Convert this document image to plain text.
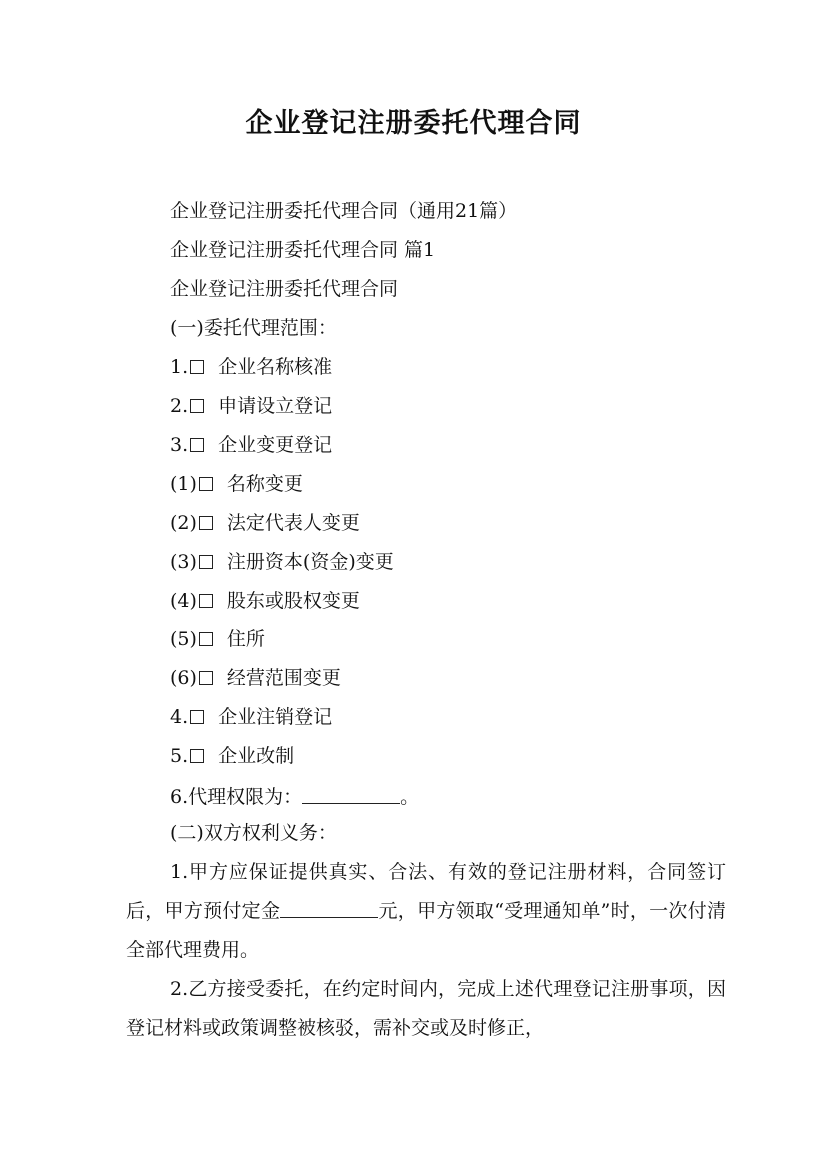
企业登记注册委托代理合同
企业登记注册委托代理合同（通用21篇）
企业登记注册委托代理合同 篇1
企业登记注册委托代理合同
(一)委托代理范围：
1. 企业名称核准
2. 申请设立登记
3. 企业变更登记
(1) 名称变更
(2) 法定代表人变更
(3) 注册资本(资金)变更
(4) 股东或股权变更
(5) 住所
(6) 经营范围变更
4. 企业注销登记
5. 企业改制
6.代理权限为：	。
(二)双方权利义务：
1.甲方应保证提供真实、合法、有效的登记注册材料，合同签订后，甲方预付定金	元，甲方领取“受理通知单”时，一次付清全部代理费用。
2.乙方接受委托，在约定时间内，完成上述代理登记注册事项，因登记材料或政策调整被核驳，需补交或及时修正，
